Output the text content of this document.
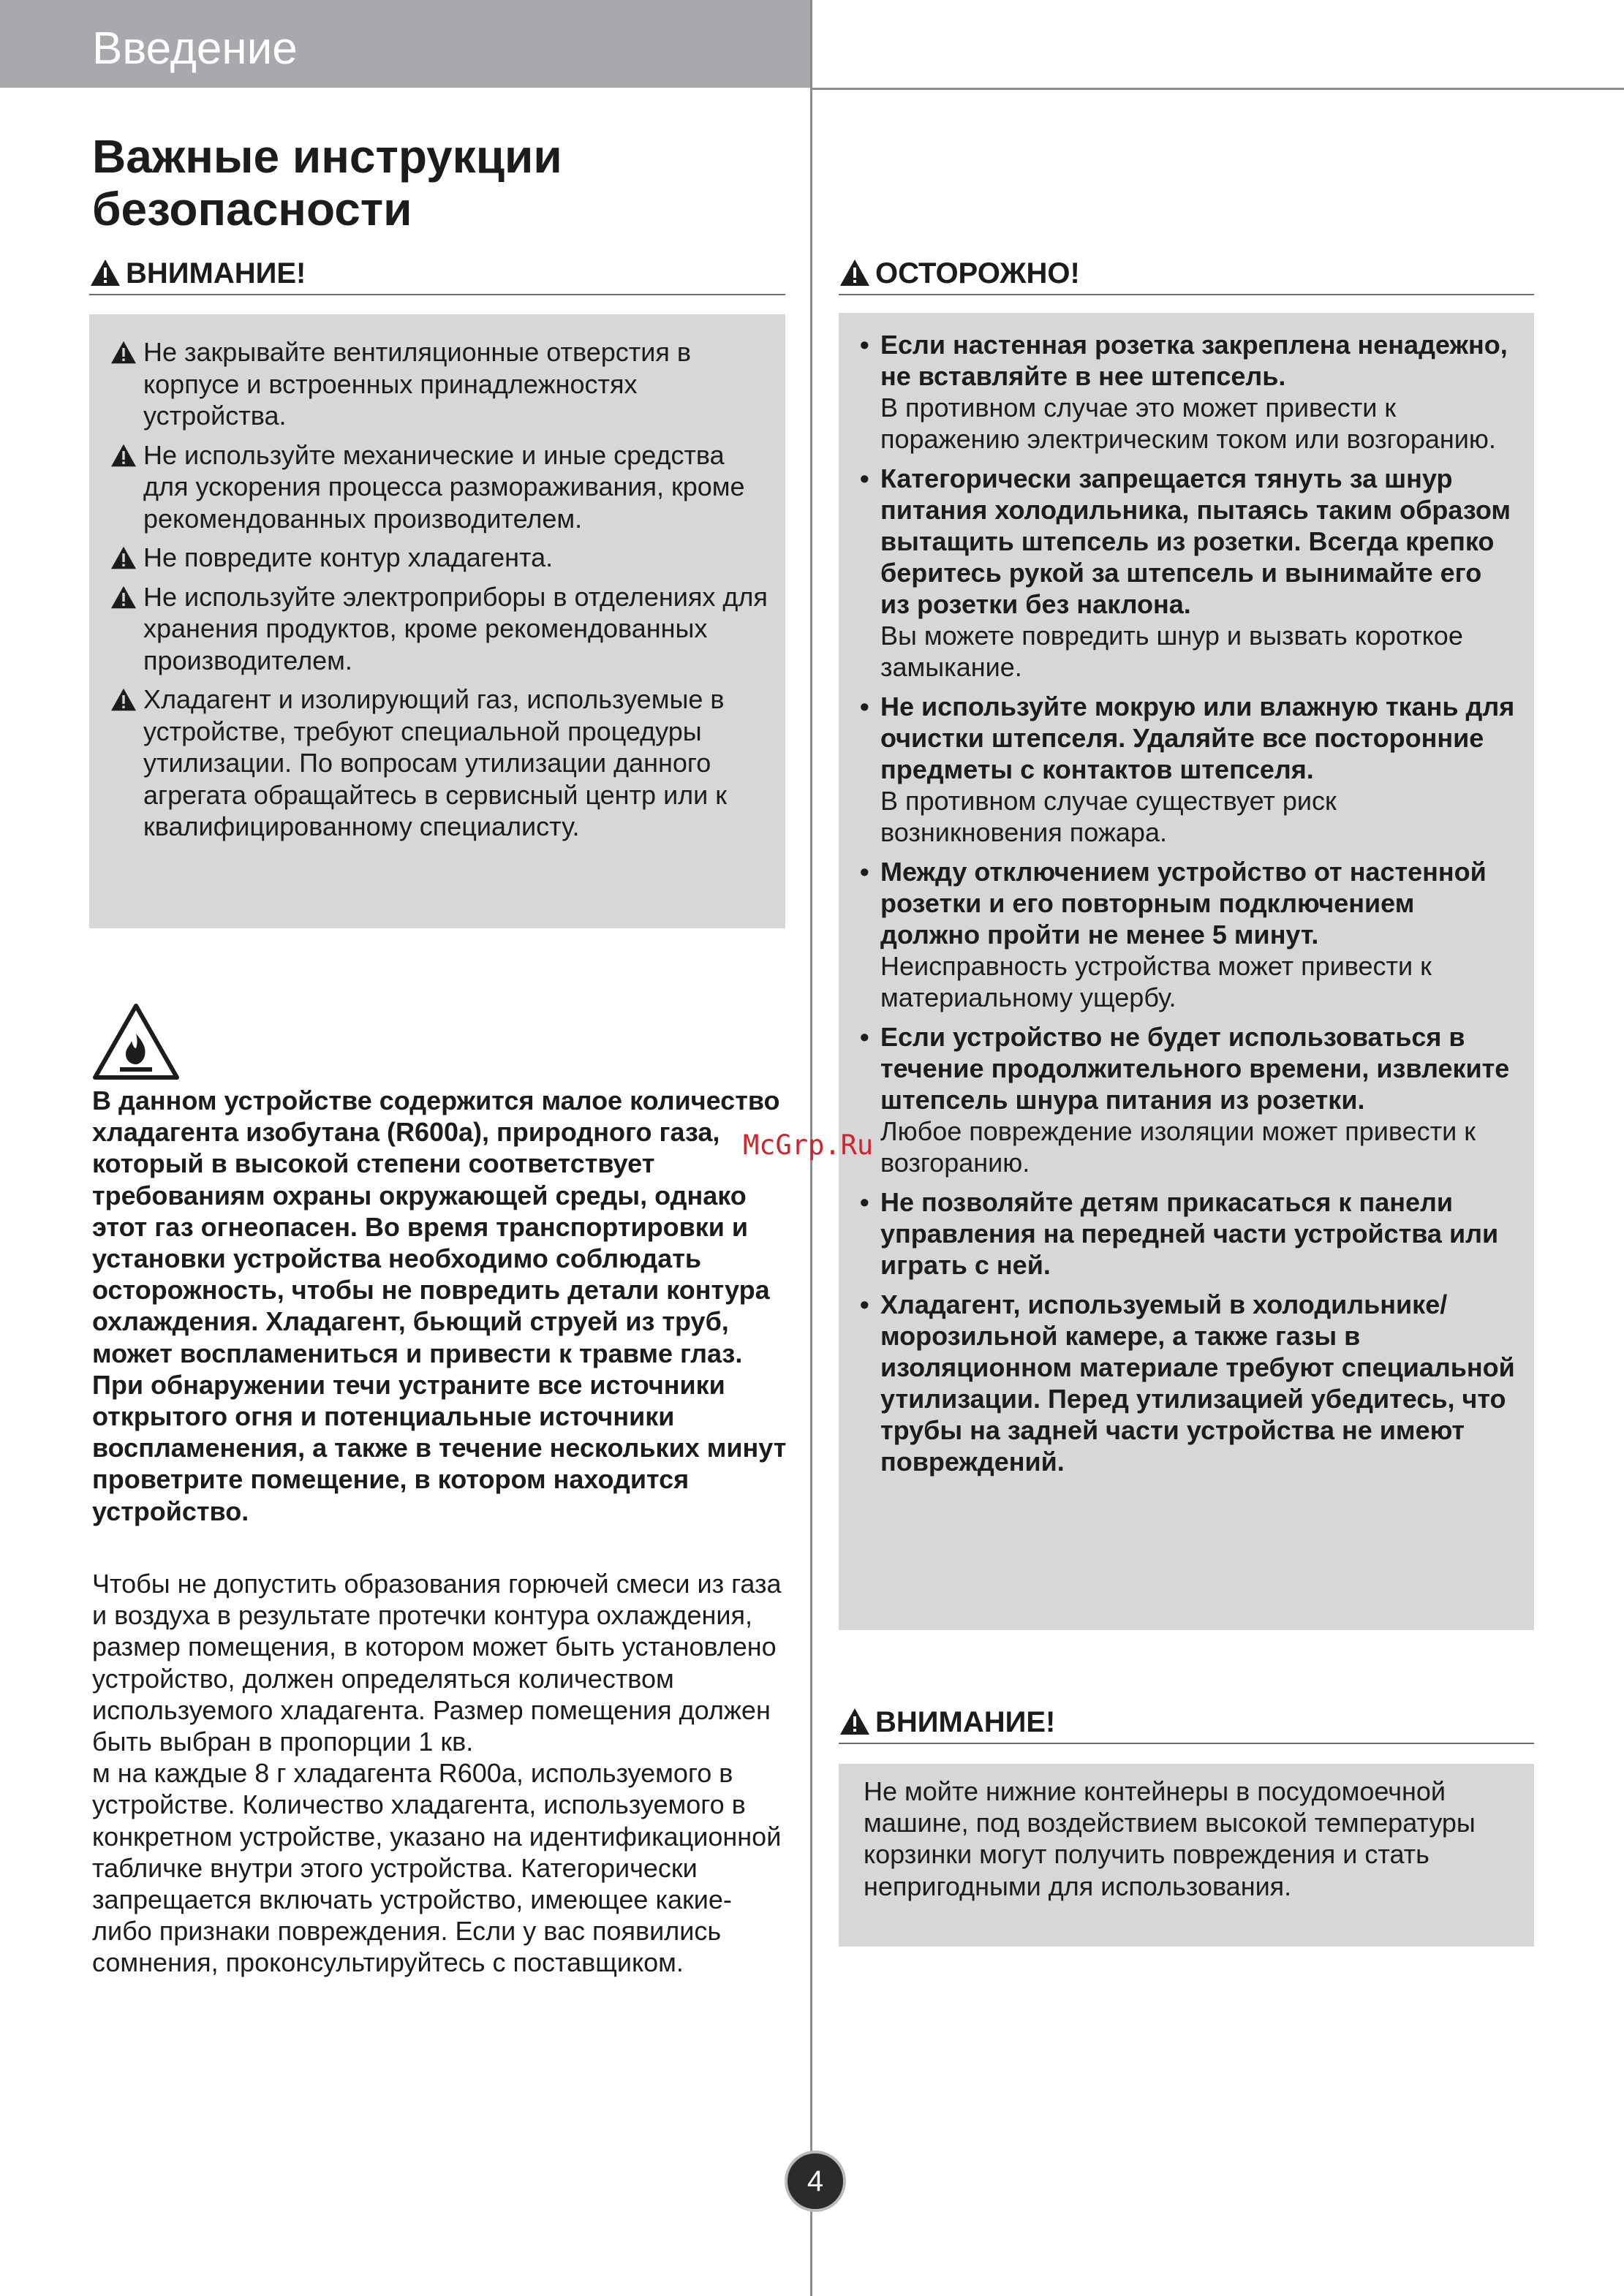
Введение
Важные инструкции безопасности
ВНИМАНИЕ!
Не закрывайте вентиляционные отверстия в корпусе и встроенных принадлежностях устройства.
Не используйте механические и иные средства для ускорения процесса размораживания, кроме рекомендованных производителем.
Не повредите контур хладагента.
Не используйте электроприборы в отделениях для хранения продуктов, кроме рекомендованных производителем.
Хладагент и изолирующий газ, используемые в устройстве, требуют специальной процедуры утилизации. По вопросам утилизации данного агрегата обращайтесь в сервисный центр или к квалифицированному специалисту.

В данном устройстве содержится малое количество хладагента изобутана (R600a), природного газа, который в высокой степени соответствует требованиям охраны окружающей среды, однако этот газ огнеопасен. Во время транспортировки и установки устройства необходимо соблюдать осторожность, чтобы не повредить детали контура охлаждения. Хладагент, бьющий струей из труб, может воспламениться и привести к травме глаз. При обнаружении течи устраните все источники открытого огня и потенциальные источники воспламенения, а также в течение нескольких минут проветрите помещение, в котором находится устройство.

Чтобы не допустить образования горючей смеси из газа и воздуха в результате протечки контура охлаждения, размер помещения, в котором может быть установлено устройство, должен определяться количеством используемого хладагента. Размер помещения должен быть выбран в пропорции 1 кв.
м на каждые 8 г хладагента R600a, используемого в устройстве. Количество хладагента, используемого в конкретном устройстве, указано на идентификационной табличке внутри этого устройства. Категорически запрещается включать устройство, имеющее какие-либо признаки повреждения. Если у вас появились сомнения, проконсультируйтесь с поставщиком.
ОСТОРОЖНО!
• Если настенная розетка закреплена ненадежно, не вставляйте в нее штепсель.
В противном случае это может привести к поражению электрическим током или возгоранию.
• Категорически запрещается тянуть за шнур питания холодильника, пытаясь таким образом вытащить штепсель из розетки. Всегда крепко беритесь рукой за штепсель и вынимайте его из розетки без наклона.
Вы можете повредить шнур и вызвать короткое замыкание.
• Не используйте мокрую или влажную ткань для очистки штепселя. Удаляйте все посторонние предметы с контактов штепселя.
В противном случае существует риск возникновения пожара.
• Между отключением устройство от настенной розетки и его повторным подключением должно пройти не менее 5 минут.
Неисправность устройства может привести к материальному ущербу.
• Если устройство не будет использоваться в течение продолжительного времени, извлеките штепсель шнура питания из розетки.
Любое повреждение изоляции может привести к возгоранию.
• Не позволяйте детям прикасаться к панели управления на передней части устройства или играть с ней.
• Хладагент, используемый в холодильнике/морозильной камере, а также газы в изоляционном материале требуют специальной утилизации. Перед утилизацией убедитесь, что трубы на задней части устройства не имеют повреждений.
ВНИМАНИЕ!
Не мойте нижние контейнеры в посудомоечной машине, под воздействием высокой температуры корзинки могут получить повреждения и стать непригодными для использования.
McGrp.Ru
4
